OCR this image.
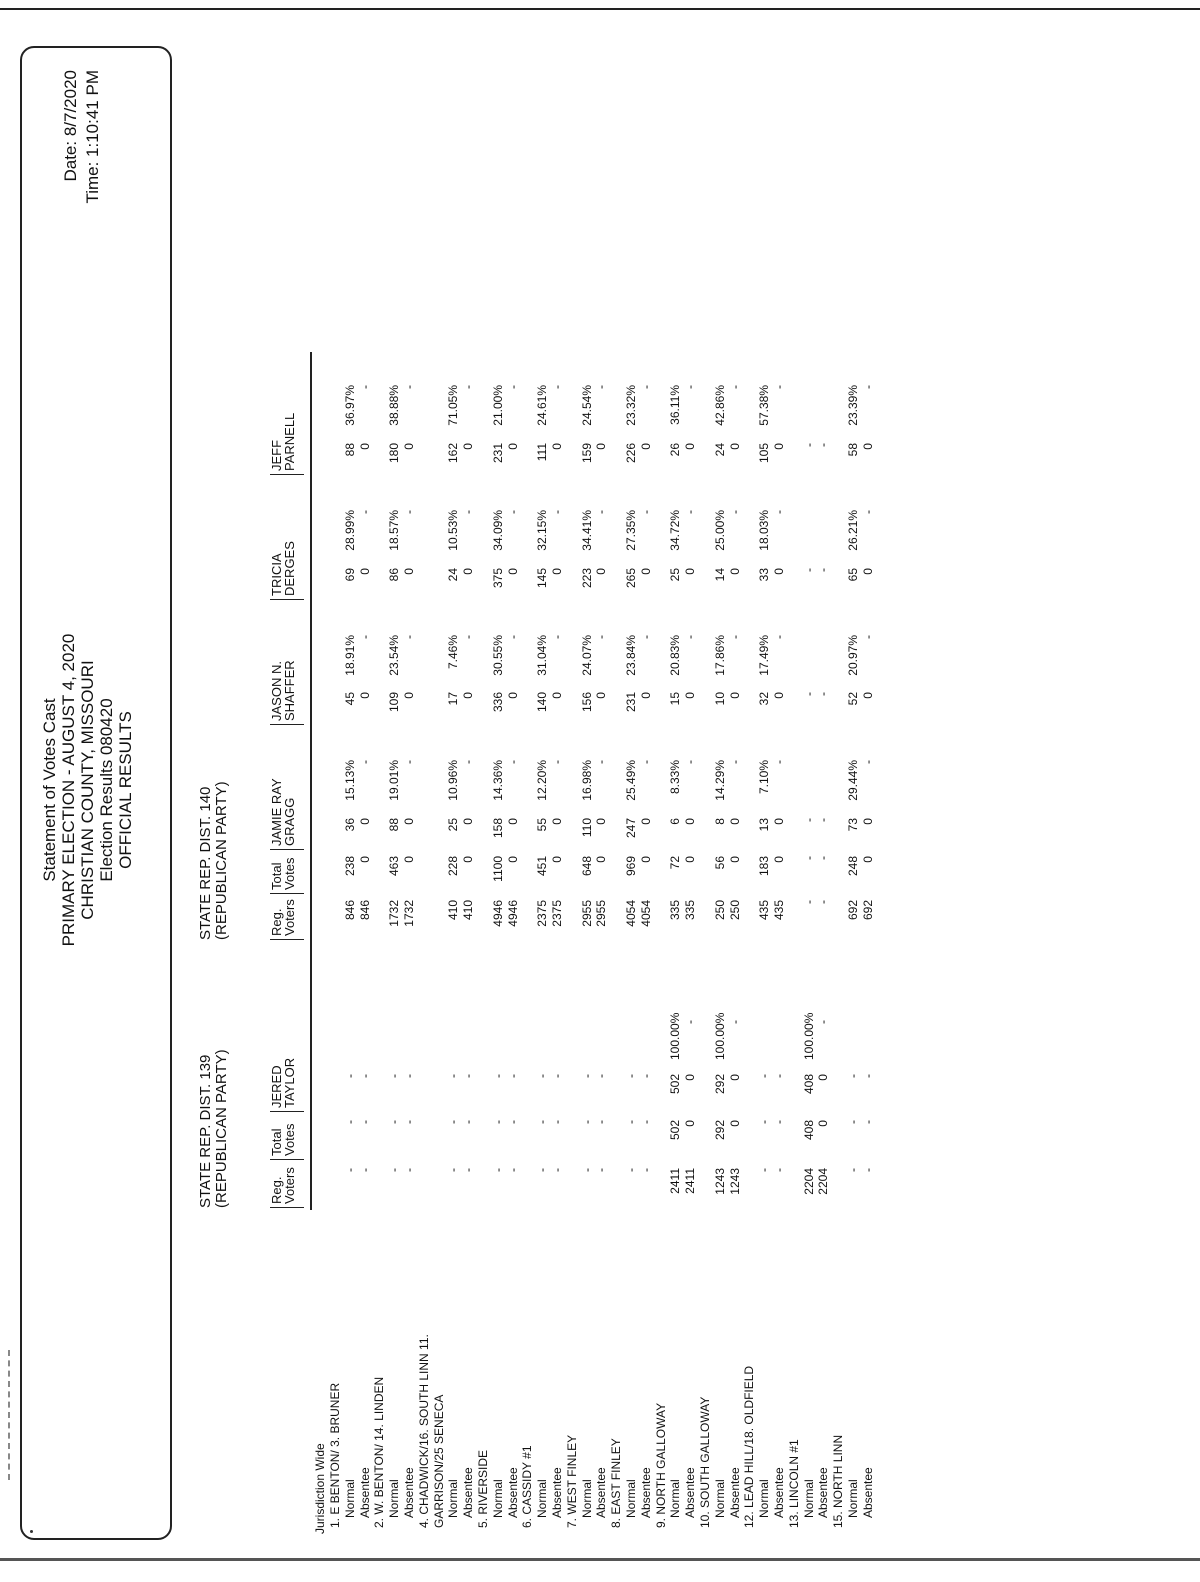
Statement of Votes Cast PRIMARY ELECTION - AUGUST 4, 2020 CHRISTIAN COUNTY, MISSOURI Election Results 080420 OFFICIAL RESULTS
Date: 8/7/2020 Time: 1:10:41 PM
STATE REP. DIST. 139 (REPUBLICAN PARTY)	Reg. Voters
Total Votes
JERED TAYLOR
STATE REP. DIST. 140 (REPUBLICAN PARTY)	Reg. Voters
Total Votes
JAMIE RAY GRAGG
JASON N. SHAFFER
TRICIA DERGES
JEFF PARNELL
Jurisdiction Wide 1. E BENTON/ 3. BRUNER Normal
-
-
-
846
238
36
15.13%
45
18.91%
69
28.99%
88
36.97%
Absentee
-
-
-
846
0
0
-
0
-
0
-
0
-
2. W. BENTON/ 14. LINDEN Normal
-
-
-
1732
463
88
19.01%
109
23.54%
86
18.57%
180
38.88%
Absentee
-
-
-
1732
0
0
-
0
-
0
-
0
-
4. CHADWICK/16. SOUTH LINN 11. GARRISON/25 SENECA Normal
-
-
-
410
228
25
10.96%
17
7.46%
24
10.53%
162
71.05%
Absentee
-
-
-
410
0
0
-
0
-
0
-
0
-
5. RIVERSIDE Normal
-
-
-
4946
1100
158
14.36%
336
30.55%
375
34.09%
231
21.00%
Absentee
-
-
-
4946
0
0
-
0
-
0
-
0
-
6. CASSIDY #1 Normal
-
-
-
2375
451
55
12.20%
140
31.04%
145
32.15%
111
24.61%
Absentee
-
-
-
2375
0
0
-
0
-
0
-
0
-
7. WEST FINLEY Normal
-
-
-
2955
648
110
16.98%
156
24.07%
223
34.41%
159
24.54%
Absentee
-
-
-
2955
0
0
-
0
-
0
-
0
-
8. EAST FINLEY Normal
-
-
-
4054
969
247
25.49%
231
23.84%
265
27.35%
226
23.32%
Absentee
-
-
-
4054
0
0
-
0
-
0
-
0
-
9. NORTH GALLOWAY Normal
2411
502
502
100.00%
335
72
6
8.33%
15
20.83%
25
34.72%
26
36.11%
Absentee
2411
0
0
-
335
0
0
-
0
-
0
-
0
-
10. SOUTH GALLOWAY Normal
1243
292
292
100.00%
250
56
8
14.29%
10
17.86%
14
25.00%
24
42.86%
Absentee
1243
0
0
-
250
0
0
-
0
-
0
-
0
-
12. LEAD HILL/18. OLDFIELD Normal
-
-
-
435
183
13
7.10%
32
17.49%
33
18.03%
105
57.38%
Absentee
-
-
-
435
0
0
-
0
-
0
-
0
-
13. LINCOLN #1 Normal
2204
408
408
100.00%
-
-
-
-
-
-
Absentee
2204
0
0
-
-
-
-
-
-
-
15. NORTH LINN Normal
-
-
-
692
248
73
29.44%
52
20.97%
65
26.21%
58
23.39%
Absentee
-
-
-
692
0
0
-
0
-
0
-
0
-
